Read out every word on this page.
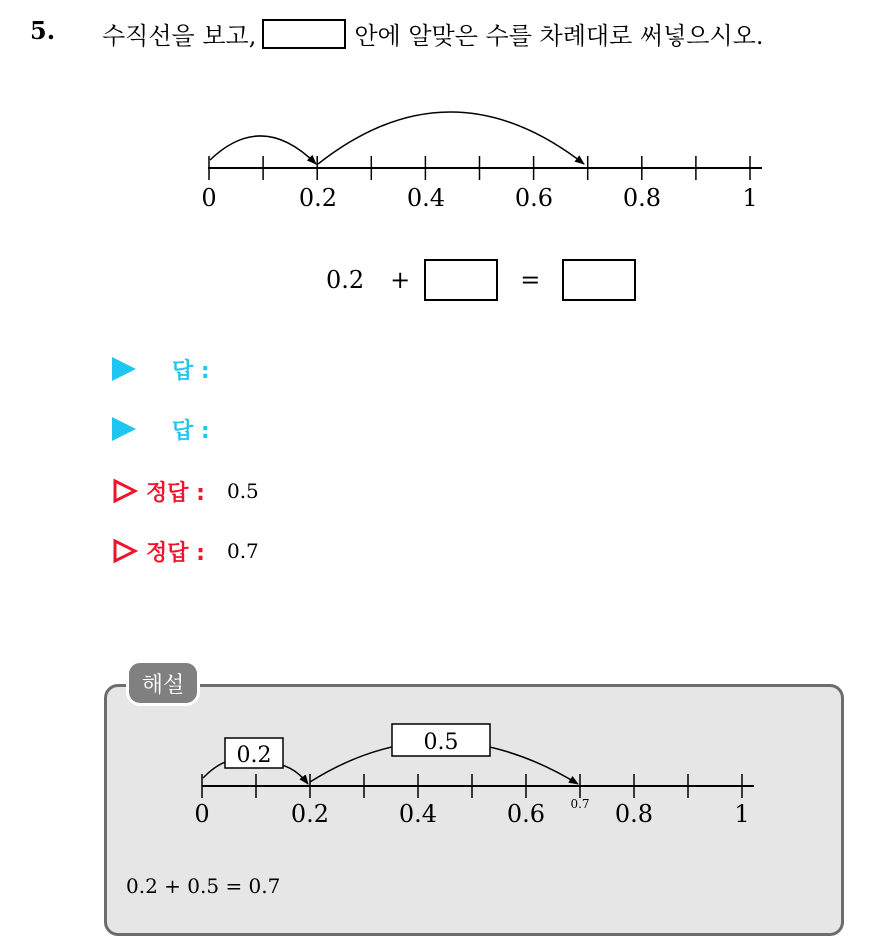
5. 수직선을 보고,	안에 알맞은 수를 차례대로 써넣으시오.
0	0.2	0.4	0.6	0.8	1
0.2 +	=
답 :
답 :
정답 : 0.5
정답 : 0.7
해설
0.2
0.5
0	0.2	0.4	0.6 0.7 0.8	1
0.2 + 0.5 = 0.7
